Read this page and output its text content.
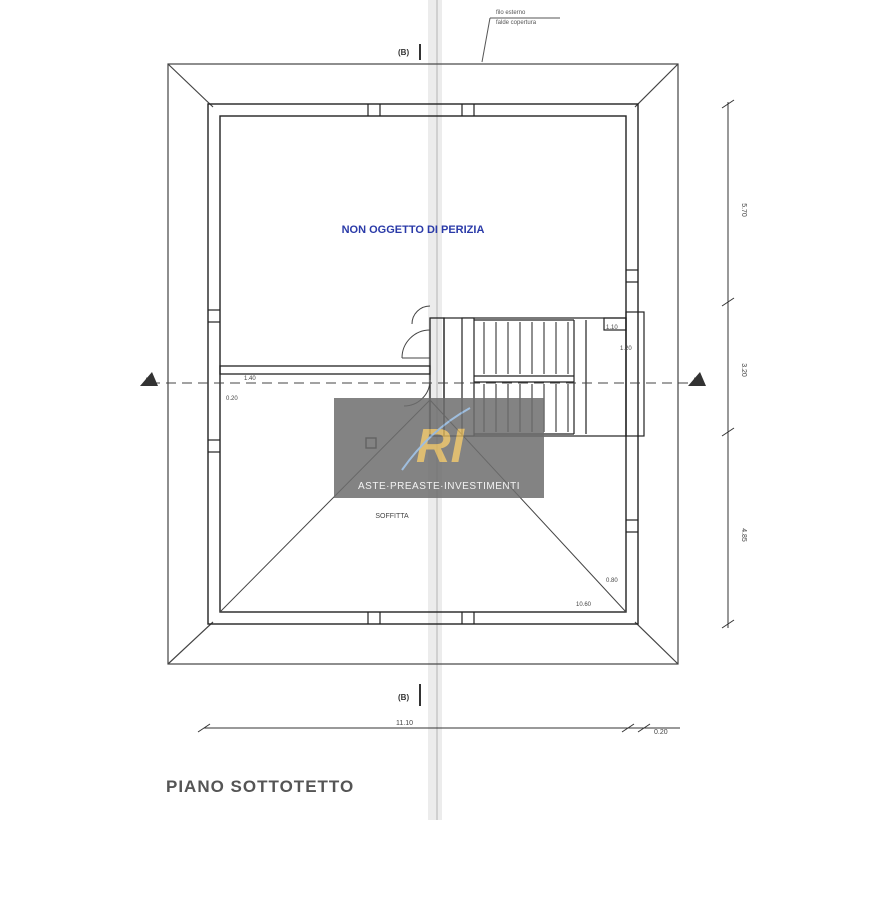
filo esterno
falde copertura
(B)
(B)
A	A
NON OGGETTO DI PERIZIA
SOFFITTA
1.40
0.20
1.10
1.20
0.80
10.60
5.70
3.20
4.85
11.10
0.20
PIANO SOTTOTETTO
RI
ASTE·PREASTE·INVESTIMENTI
